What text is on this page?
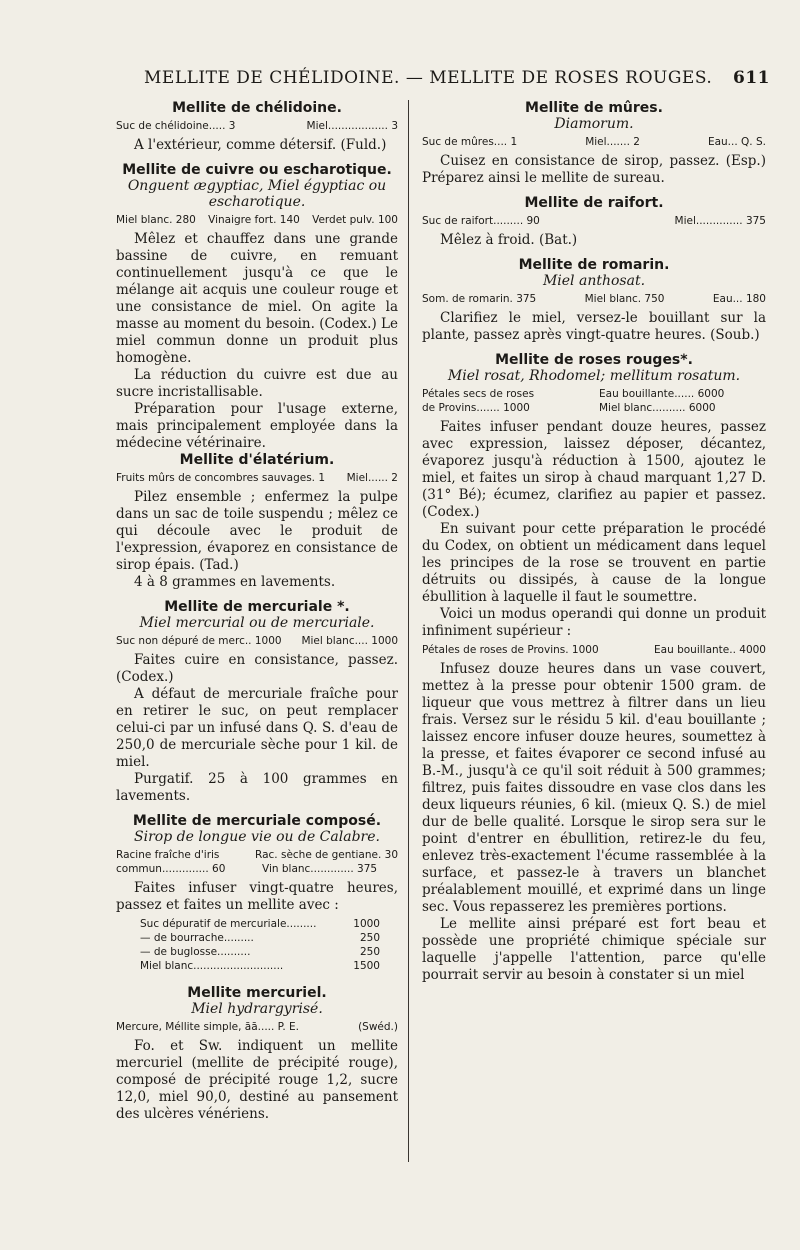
MELLITE DE CHÉLIDOINE. — MELLITE DE ROSES ROUGES. 611

Mellite de chélidoine.

Suc de chélidoine..... 3	Miel.................. 3

A l'extérieur, comme détersif. (Fuld.)

Mellite de cuivre ou escharotique.

Onguent ægyptiac, Miel égyptiac ou escharotique.

Miel blanc. 280 Vinaigre fort. 140 Verdet pulv. 100

Mêlez et chauffez dans une grande bassine de cuivre, en remuant continuellement jusqu'à ce que le mélange ait acquis une couleur rouge et une consistance de miel. On agite la masse au moment du besoin. (Codex.) Le miel commun donne un produit plus homogène.

La réduction du cuivre est due au sucre incristallisable.

Préparation pour l'usage externe, mais principalement employée dans la médecine vétérinaire.

Mellite d'élatérium.

Fruits mûrs de concombres sauvages. 1 Miel...... 2

Pilez ensemble ; enfermez la pulpe dans un sac de toile suspendu ; mêlez ce qui découle avec le produit de l'expression, évaporez en consistance de sirop épais. (Tad.)

4 à 8 grammes en lavements.

Mellite de mercuriale *.

Miel mercurial ou de mercuriale.

Suc non dépuré de merc.. 1000 Miel blanc.... 1000

Faites cuire en consistance, passez. (Codex.)

A défaut de mercuriale fraîche pour en retirer le suc, on peut remplacer celui-ci par un infusé dans Q. S. d'eau de 250,0 de mercuriale sèche pour 1 kil. de miel.

Purgatif. 25 à 100 grammes en lavements.

Mellite de mercuriale composé.

Sirop de longue vie ou de Calabre.

Racine fraîche d'iris	Rac. sèche de gentiane. 30
commun.............. 60	Vin blanc............. 375

Faites infuser vingt-quatre heures, passez et faites un mellite avec :

Suc dépuratif de mercuriale.........	1000
— de bourrache.........	250
— de buglosse..........	250
Miel blanc...........................	1500

Mellite mercuriel.

Miel hydrargyrisé.

Mercure, Méllite simple, āā..... P. E.	(Swéd.)

Fo. et Sw. indiquent un mellite mercuriel (mellite de précipité rouge), composé de précipité rouge 1,2, sucre 12,0, miel 90,0, destiné au pansement des ulcères vénériens.

Mellite de mûres.

Diamorum.

Suc de mûres.... 1	Miel....... 2	Eau... Q. S.

Cuisez en consistance de sirop, passez. (Esp.) Préparez ainsi le mellite de sureau.

Mellite de raifort.

Suc de raifort......... 90	Miel.............. 375

Mêlez à froid. (Bat.)

Mellite de romarin.

Miel anthosat.

Som. de romarin. 375	Miel blanc. 750	Eau... 180

Clarifiez le miel, versez-le bouillant sur la plante, passez après vingt-quatre heures. (Soub.)

Mellite de roses rouges*.

Miel rosat, Rhodomel; mellitum rosatum.

Pétales secs de roses	Eau bouillante...... 6000
de Provins....... 1000	Miel blanc.......... 6000

Faites infuser pendant douze heures, passez avec expression, laissez déposer, décantez, évaporez jusqu'à réduction à 1500, ajoutez le miel, et faites un sirop à chaud marquant 1,27 D. (31° Bé); écumez, clarifiez au papier et passez. (Codex.)

En suivant pour cette préparation le procédé du Codex, on obtient un médicament dans lequel les principes de la rose se trouvent en partie détruits ou dissipés, à cause de la longue ébullition à laquelle il faut le soumettre.

Voici un modus operandi qui donne un produit infiniment supérieur :

Pétales de roses de Provins. 1000	Eau bouillante.. 4000

Infusez douze heures dans un vase couvert, mettez à la presse pour obtenir 1500 gram. de liqueur que vous mettrez à filtrer dans un lieu frais. Versez sur le résidu 5 kil. d'eau bouillante ; laissez encore infuser douze heures, soumettez à la presse, et faites évaporer ce second infusé au B.-M., jusqu'à ce qu'il soit réduit à 500 grammes; filtrez, puis faites dissoudre en vase clos dans les deux liqueurs réunies, 6 kil. (mieux Q. S.) de miel dur de belle qualité. Lorsque le sirop sera sur le point d'entrer en ébullition, retirez-le du feu, enlevez très-exactement l'écume rassemblée à la surface, et passez-le à travers un blanchet préalablement mouillé, et exprimé dans un linge sec. Vous repasserez les premières portions.

Le mellite ainsi préparé est fort beau et possède une propriété chimique spéciale sur laquelle j'appelle l'attention, parce qu'elle pourrait servir au besoin à constater si un miel
